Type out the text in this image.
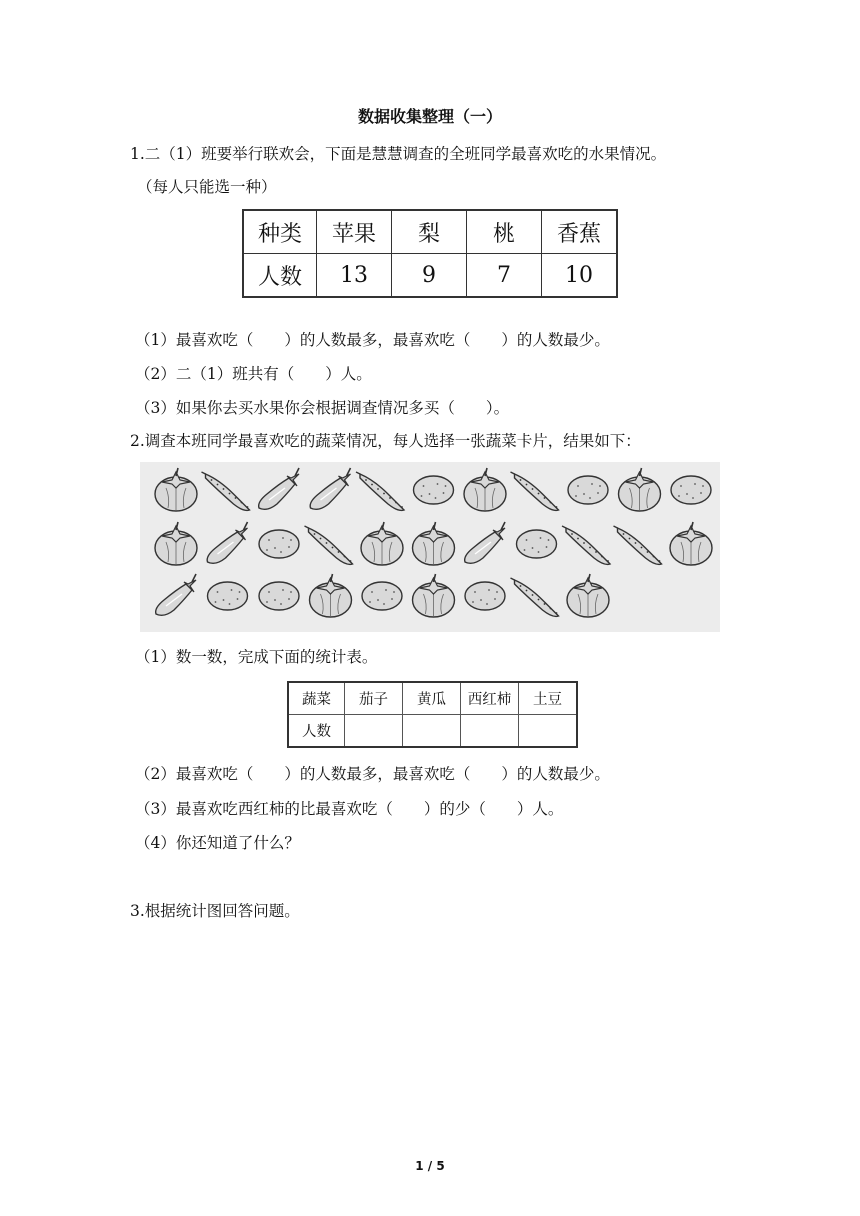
数据收集整理（一）
1.二（1）班要举行联欢会，下面是慧慧调查的全班同学最喜欢吃的水果情况。
（每人只能选一种）
种类	苹果	梨	桃	香蕉
人数	13	9	7	10
（1）最喜欢吃（　　）的人数最多，最喜欢吃（　　）的人数最少。
（2）二（1）班共有（　　）人。
（3）如果你去买水果你会根据调查情况多买（　　）。
2.调查本班同学最喜欢吃的蔬菜情况，每人选择一张蔬菜卡片，结果如下：
（1）数一数，完成下面的统计表。
蔬菜	茄子	黄瓜	西红柿	土豆
人数				
（2）最喜欢吃（　　）的人数最多，最喜欢吃（　　）的人数最少。
（3）最喜欢吃西红柿的比最喜欢吃（　　）的少（　　）人。
（4）你还知道了什么？
3.根据统计图回答问题。
1 / 5
